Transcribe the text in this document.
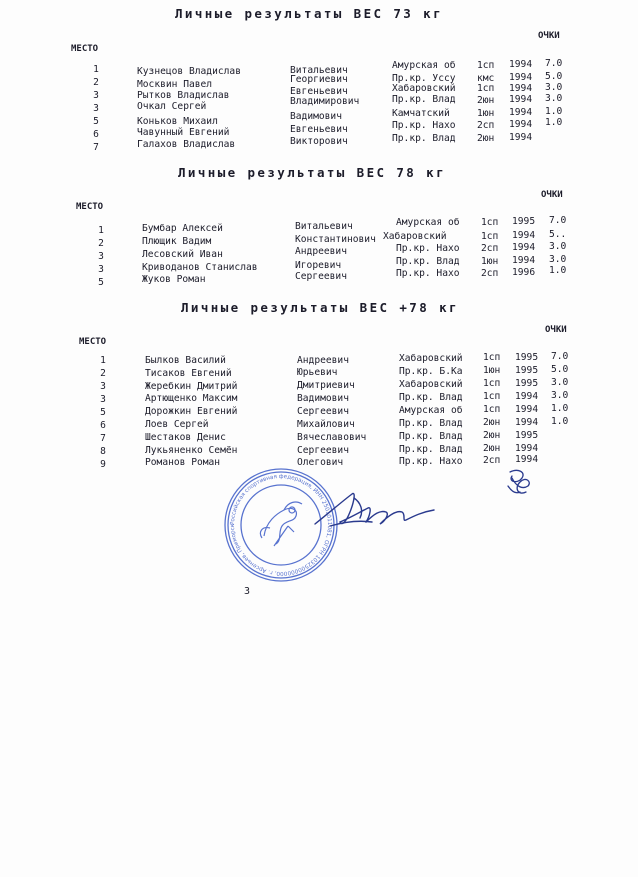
Личные результаты ВЕС 73 кг
ОЧКИ
МЕСТО
1	Кузнецов Владислав	Витальевич	Амурская об 1сп 1994 7.0
2	Москвин Павел	Георгиевич	Пр.кр. Уссу кмс 1994 5.0
3	Рытков Владислав	Евгеньевич	Хабаровский 1сп 1994 3.0
3	Очкал Сергей	Владимирович	Пр.кр. Влад 2юн 1994 3.0
5	Коньков Михаил	Вадимович	Камчатский	1юн 1994 1.0
6	Чавунный Евгений	Евгеньевич	Пр.кр. Нахо 2сп 1994 1.0
7	Галахов Владислав	Викторович	Пр.кр. Влад 2юн 1994
Личные результаты ВЕС 78 кг
ОЧКИ
МЕСТО
1	Бумбар Алексей	Витальевич	Амурская об 1сп 1995 7.0
2	Плющик Вадим	Константинович Хабаровский	1сп 1994 5..
3	Лесовский Иван	Андреевич	Пр.кр. Нахо 2сп 1994 3.0
3	Криводанов Станислав	Игоревич	Пр.кр. Влад 1юн 1994 3.0
5	Жуков Роман	Сергеевич	Пр.кр. Нахо 2сп 1996 1.0
Личные результаты ВЕС +78 кг
ОЧКИ
МЕСТО
1	Былков Василий	Андреевич	Хабаровский 1сп 1995 7.0
2	Тисаков Евгений	Юрьевич	Пр.кр. Б.Ка 1юн 1995 5.0
3	Жеребкин Дмитрий	Дмитриевич	Хабаровский 1сп 1995 3.0
3	Артющенко Максим	Вадимович	Пр.кр. Влад 1сп 1994 3.0
5	Дорожкин Евгений	Сергеевич	Амурская об 1сп 1994 1.0
6	Лоев Сергей	Михайлович	Пр.кр. Влад 2юн 1994 1.0
7	Шестаков Денис	Вячеславович	Пр.кр. Влад 2юн 1995
8	Лукьяненко Семён	Сергеевич	Пр.кр. Влад 2юн 1994
9	Романов Роман	Олегович	Пр.кр. Нахо 2сп 1994
Российская спортивная федерация, ИНН 2501011081, ОГРН 1032500000000, г. Арсеньев, Приморск
3
